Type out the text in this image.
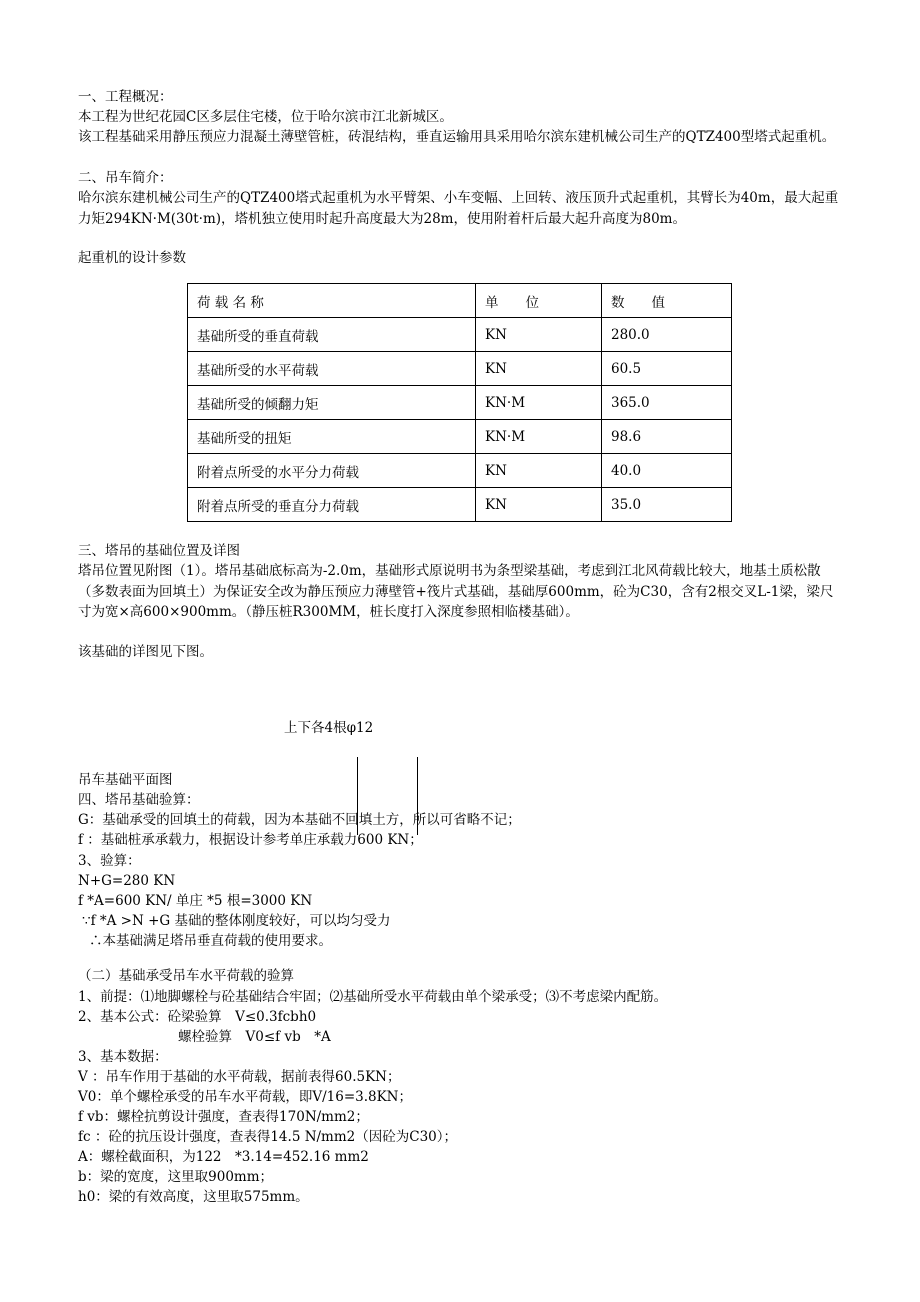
一、工程概况：
本工程为世纪花园C区多层住宅楼，位于哈尔滨市江北新城区。
该工程基础采用静压预应力混凝土薄壁管桩，砖混结构，垂直运输用具采用哈尔滨东建机械公司生产的QTZ400型塔式起重机。
二、吊车简介：
哈尔滨东建机械公司生产的QTZ400塔式起重机为水平臂架、小车变幅、上回转、液压顶升式起重机，其臂长为40m，最大起重力矩294KN·M(30t·m)，塔机独立使用时起升高度最大为28m，使用附着杆后最大起升高度为80m。
起重机的设计参数
荷 载 名 称	单　　位	数　　值
基础所受的垂直荷载	KN	280.0
基础所受的水平荷载	KN	60.5
基础所受的倾翻力矩	KN·M	365.0
基础所受的扭矩	KN·M	98.6
附着点所受的水平分力荷载	KN	40.0
附着点所受的垂直分力荷载	KN	35.0
三、塔吊的基础位置及详图
塔吊位置见附图（1）。塔吊基础底标高为-2.0m，基础形式原说明书为条型梁基础，考虑到江北风荷载比较大，地基土质松散（多数表面为回填土）为保证安全改为静压预应力薄壁管+筏片式基础，基础厚600mm，砼为C30，含有2根交叉L-1梁，梁尺寸为宽×高600×900mm。（静压桩R300MM，桩长度打入深度参照相临楼基础）。
该基础的详图见下图。
上下各4根φ12
吊车基础平面图
四、塔吊基础验算：
G：基础承受的回填土的荷载，因为本基础不回填土方，所以可省略不记；
f ：基础桩承承载力，根据设计参考单庄承载力600 KN；
3、验算：
N+G=280 KN
f *A=600 KN/ 单庄 *5 根=3000 KN
∵f *A >N +G 基础的整体刚度较好，可以均匀受力
∴本基础满足塔吊垂直荷载的使用要求。
（二）基础承受吊车水平荷载的验算
1、前提：⑴地脚螺栓与砼基础结合牢固；⑵基础所受水平荷载由单个梁承受；⑶不考虑梁内配筋。
2、基本公式：砼梁验算　V≤0.3fcbh0
螺栓验算　V0≤f vb　*A
3、基本数据：
V ：吊车作用于基础的水平荷载，据前表得60.5KN；
V0：单个螺栓承受的吊车水平荷载，即V/16=3.8KN；
f vb：螺栓抗剪设计强度，查表得170N/mm2；
fc ：砼的抗压设计强度，查表得14.5 N/mm2（因砼为C30）；
A：螺栓截面积，为122　*3.14=452.16 mm2
b：梁的宽度，这里取900mm；
h0：梁的有效高度，这里取575mm。
